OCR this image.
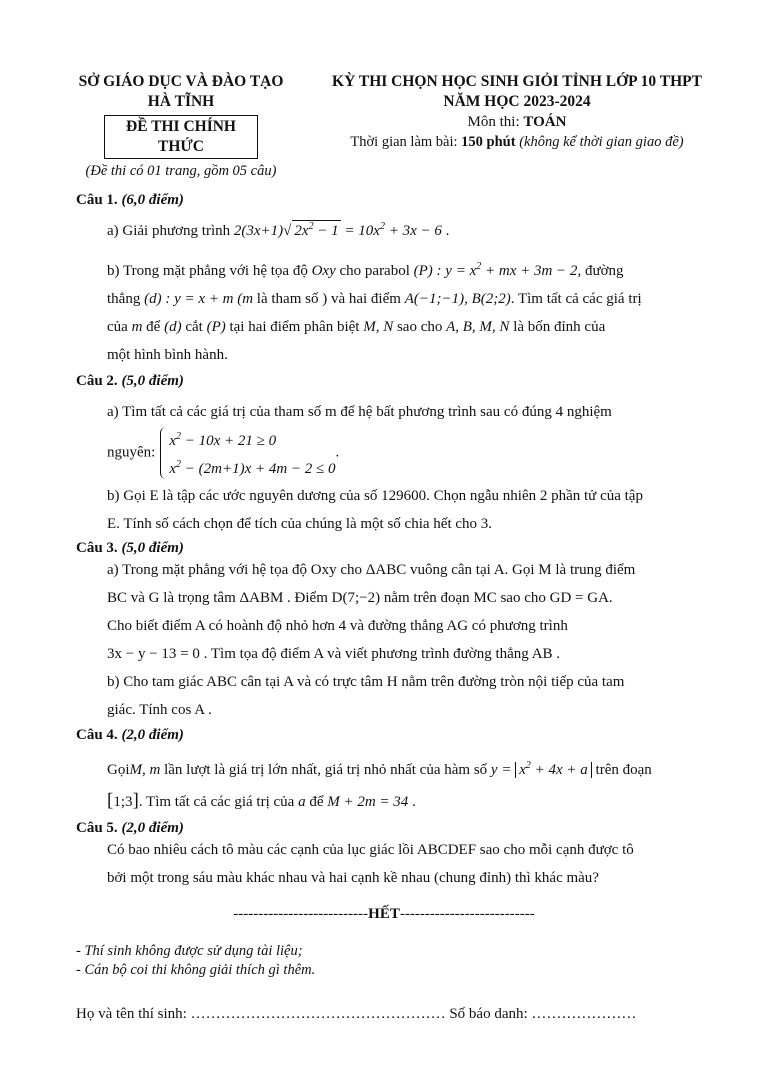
SỞ GIÁO DỤC VÀ ĐÀO TẠO
HÀ TĨNH
ĐỀ THI CHÍNH THỨC
(Đề thi có 01 trang, gồm 05 câu)
KỲ THI CHỌN HỌC SINH GIỎI TỈNH LỚP 10 THPT
NĂM HỌC 2023-2024
Môn thi: TOÁN
Thời gian làm bài: 150 phút (không kể thời gian giao đề)
Câu 1. (6,0 điểm)
a) Giải phương trình 2(3x+1)√ $2x^2 - 1 = 10x^2 + 3x - 6$ .
b) Trong mặt phẳng với hệ tọa độ Oxy cho parabol (P) : $y = x^2$ + mx + 3m − 2, đường
thẳng (d) : y = x + m (m là tham số ) và hai điểm A(−1;−1), B(2;2). Tìm tất cả các giá trị
của m để (d) cắt (P) tại hai điểm phân biệt M, N sao cho A, B, M, N là bốn đỉnh của
một hình bình hành.
Câu 2. (5,0 điểm)
a) Tìm tất cả các giá trị của tham số m để hệ bất phương trình sau có đúng 4 nghiệm
nguyên:
$x^2 - 10x + 21 \ge 0$
$x^2 - (2m+1)x + 4m - 2 \le 0$
.
b) Gọi E là tập các ước nguyên dương của số 129600. Chọn ngẫu nhiên 2 phần tử của tập
E. Tính số cách chọn để tích của chúng là một số chia hết cho 3.
Câu 3. (5,0 điểm)
a) Trong mặt phẳng với hệ tọa độ Oxy cho ΔABC vuông cân tại A. Gọi M là trung điểm
BC và G là trọng tâm ΔABM . Điểm D(7;−2) nằm trên đoạn MC sao cho GD = GA.
Cho biết điểm A có hoành độ nhỏ hơn 4 và đường thẳng AG có phương trình
3x − y − 13 = 0 . Tìm tọa độ điểm A và viết phương trình đường thẳng AB .
b) Cho tam giác ABC cân tại A và có trực tâm H nằm trên đường tròn nội tiếp của tam
giác. Tính cos A .
Câu 4. (2,0 điểm)
GọiM, m lần lượt là giá trị lớn nhất, giá trị nhỏ nhất của hàm số $y = x^2 + 4x + a$ trên đoạn
[1;3]. Tìm tất cả các giá trị của a để M + 2m = 34 .
Câu 5. (2,0 điểm)
Có bao nhiêu cách tô màu các cạnh của lục giác lồi ABCDEF sao cho mỗi cạnh được tô
bởi một trong sáu màu khác nhau và hai cạnh kề nhau (chung đỉnh) thì khác màu?
---------------------------HẾT---------------------------
- Thí sinh không được sử dụng tài liệu;
- Cán bộ coi thi không giải thích gì thêm.
Họ và tên thí sinh: …………………………………………… Số báo danh: …………………
